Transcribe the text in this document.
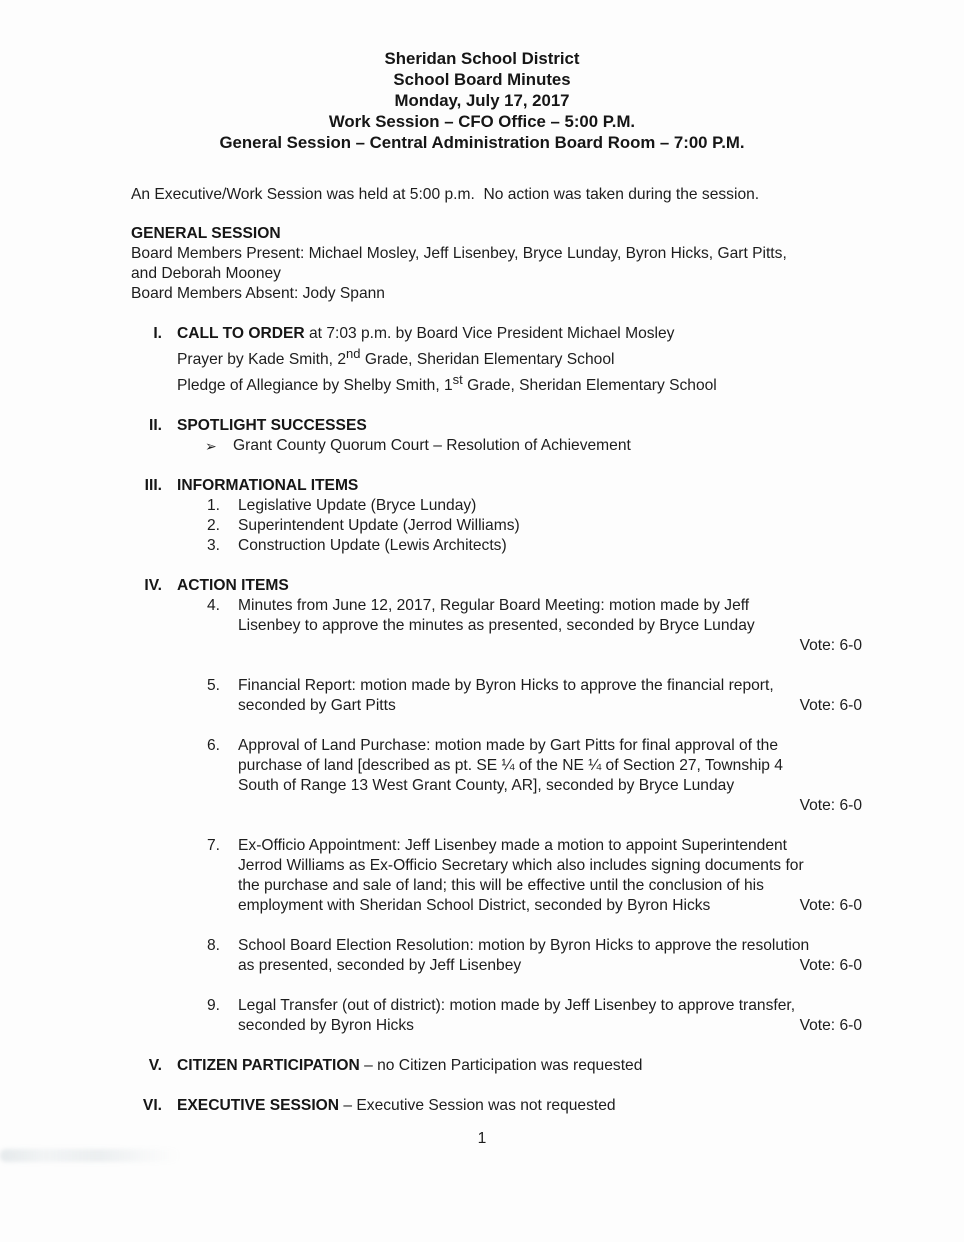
Sheridan School District
School Board Minutes
Monday, July 17, 2017
Work Session – CFO Office – 5:00 P.M.
General Session – Central Administration Board Room – 7:00 P.M.

An Executive/Work Session was held at 5:00 p.m.  No action was taken during the session.

GENERAL SESSION
Board Members Present: Michael Mosley, Jeff Lisenbey, Bryce Lunday, Byron Hicks, Gart Pitts,
and Deborah Mooney
Board Members Absent: Jody Spann
I. CALL TO ORDER at 7:03 p.m. by Board Vice President Michael Mosley
Prayer by Kade Smith, 2nd Grade, Sheridan Elementary School
Pledge of Allegiance by Shelby Smith, 1st Grade, Sheridan Elementary School
II. SPOTLIGHT SUCCESSES
➢ Grant County Quorum Court – Resolution of Achievement
III. INFORMATIONAL ITEMS
1. Legislative Update (Bryce Lunday)
2. Superintendent Update (Jerrod Williams)
3. Construction Update (Lewis Architects)
IV. ACTION ITEMS
4. Minutes from June 12, 2017, Regular Board Meeting: motion made by Jeff
Lisenbey to approve the minutes as presented, seconded by Bryce Lunday
Vote: 6-0
5. Financial Report: motion made by Byron Hicks to approve the financial report,
seconded by Gart Pitts	Vote: 6-0
6. Approval of Land Purchase: motion made by Gart Pitts for final approval of the
purchase of land [described as pt. SE ¼ of the NE ¼ of Section 27, Township 4
South of Range 13 West Grant County, AR], seconded by Bryce Lunday
Vote: 6-0
7. Ex-Officio Appointment: Jeff Lisenbey made a motion to appoint Superintendent
Jerrod Williams as Ex-Officio Secretary which also includes signing documents for
the purchase and sale of land; this will be effective until the conclusion of his
employment with Sheridan School District, seconded by Byron Hicks	Vote: 6-0
8. School Board Election Resolution: motion by Byron Hicks to approve the resolution
as presented, seconded by Jeff Lisenbey	Vote: 6-0
9. Legal Transfer (out of district): motion made by Jeff Lisenbey to approve transfer,
seconded by Byron Hicks	Vote: 6-0
V. CITIZEN PARTICIPATION – no Citizen Participation was requested
VI. EXECUTIVE SESSION – Executive Session was not requested
1
